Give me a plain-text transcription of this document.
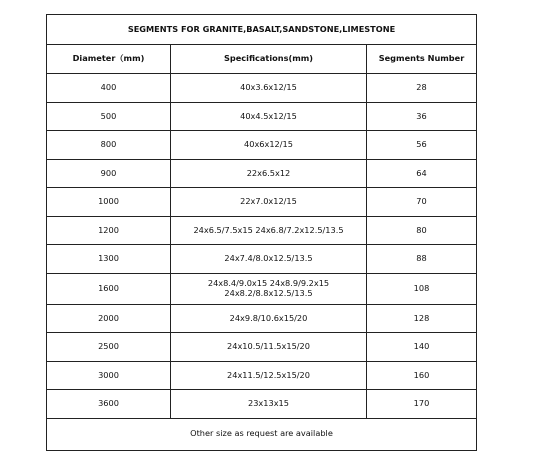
SEGMENTS FOR GRANITE,BASALT,SANDSTONE,LIMESTONE		
Diameter（mm)	Specifications(mm)	Segments Number
400	40x3.6x12/15	28
500	40x4.5x12/15	36
800	40x6x12/15	56
900	22x6.5x12	64
1000	22x7.0x12/15	70
1200	24x6.5/7.5x15 24x6.8/7.2x12.5/13.5	80
1300	24x7.4/8.0x12.5/13.5	88
1600	24x8.4/9.0x15 24x8.9/9.2x15
24x8.2/8.8x12.5/13.5	108
2000	24x9.8/10.6x15/20	128
2500	24x10.5/11.5x15/20	140
3000	24x11.5/12.5x15/20	160
3600	23x13x15	170
Other size as request are available		
